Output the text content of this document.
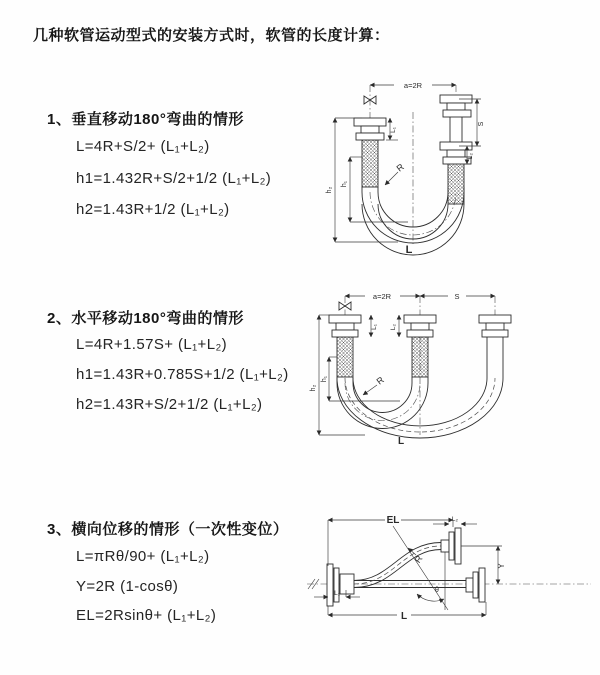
几种软管运动型式的安装方式时，软管的长度计算：
1、垂直移动180°弯曲的情形
L=4R+S/2+ (L₁+L₂)
h1=1.432R+S/2+1/2 (L₁+L₂)
h2=1.43R+1/2 (L₁+L₂)
2、水平移动180°弯曲的情形
L=4R+1.57S+ (L₁+L₂)
h1=1.43R+0.785S+1/2 (L₁+L₂)
h2=1.43R+S/2+1/2 (L₁+L₂)
3、横向位移的情形（一次性变位）
L=πRθ/90+ (L₁+L₂)
Y=2R (1-cosθ)
EL=2Rsinθ+ (L₁+L₂)
a=2R
h₂
h₁
L₁
S
L₂
R
L
a=2R	S
h₂
h₁
L₁ L₂
R
L
θ
R
EL	L₂
Y
L
L₁
